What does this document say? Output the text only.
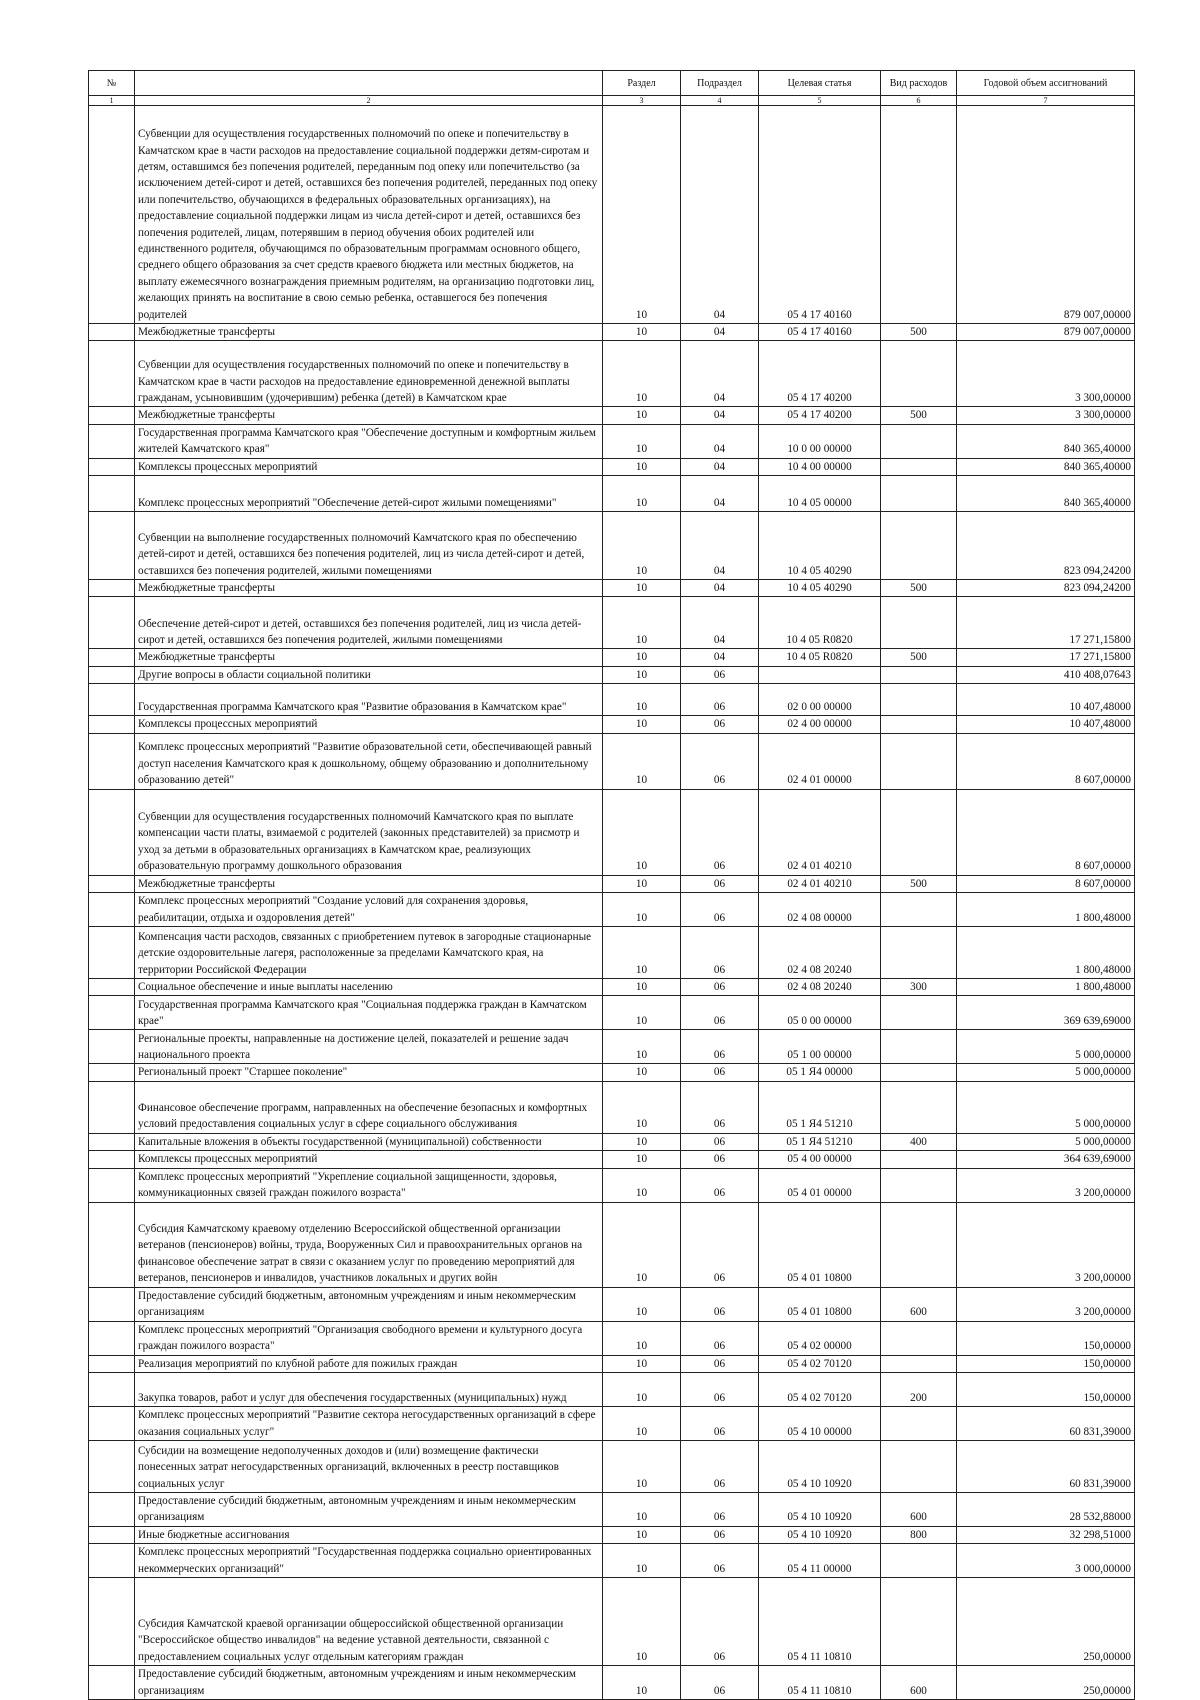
№		Раздел	Подраздел	Целевая статья	Вид расходов	Годовой объем ассигнований
1	2	3	4	5	6	7
	Субвенции для осуществления государственных полномочий по опеке и попечительству в Камчатском крае в части расходов на предоставление социальной поддержки детям-сиротам и детям, оставшимся без попечения родителей, переданным под опеку или попечительство (за исключением детей-сирот и детей, оставшихся без попечения родителей, переданных под опеку или попечительство, обучающихся в федеральных образовательных организациях), на предоставление социальной поддержки лицам из числа детей-сирот и детей, оставшихся без попечения родителей, лицам, потерявшим в период обучения обоих родителей или единственного родителя, обучающимся по образовательным программам основного общего, среднего общего образования за счет средств краевого бюджета или местных бюджетов, на выплату ежемесячного вознаграждения приемным родителям, на организацию подготовки лиц, желающих принять на воспитание в свою семью ребенка, оставшегося без попечения родителей	10	04	05 4 17 40160		879 007,00000
	Межбюджетные трансферты	10	04	05 4 17 40160	500	879 007,00000
	Субвенции для осуществления государственных полномочий по опеке и попечительству в Камчатском крае в части расходов на предоставление единовременной денежной выплаты гражданам, усыновившим (удочерившим) ребенка (детей) в Камчатском крае	10	04	05 4 17 40200		3 300,00000
	Межбюджетные трансферты	10	04	05 4 17 40200	500	3 300,00000
	Государственная программа Камчатского края "Обеспечение доступным и комфортным жильем жителей Камчатского края"	10	04	10 0 00 00000		840 365,40000
	Комплексы процессных мероприятий	10	04	10 4 00 00000		840 365,40000
	Комплекс процессных мероприятий "Обеспечение детей-сирот жилыми помещениями"	10	04	10 4 05 00000		840 365,40000
	Субвенции на выполнение государственных полномочий Камчатского края по обеспечению детей-сирот и детей, оставшихся без попечения родителей, лиц из числа детей-сирот и детей, оставшихся без попечения родителей, жилыми помещениями	10	04	10 4 05 40290		823 094,24200
	Межбюджетные трансферты	10	04	10 4 05 40290	500	823 094,24200
	Обеспечение детей-сирот и детей, оставшихся без попечения родителей, лиц из числа детей-сирот и детей, оставшихся без попечения родителей, жилыми помещениями	10	04	10 4 05 R0820		17 271,15800
	Межбюджетные трансферты	10	04	10 4 05 R0820	500	17 271,15800
	Другие вопросы в области социальной политики	10	06			410 408,07643
	Государственная программа Камчатского края "Развитие образования в Камчатском крае"	10	06	02 0 00 00000		10 407,48000
	Комплексы процессных мероприятий	10	06	02 4 00 00000		10 407,48000
	Комплекс процессных мероприятий "Развитие образовательной сети, обеспечивающей равный доступ населения Камчатского края к дошкольному, общему образованию и дополнительному образованию детей"	10	06	02 4 01 00000		8 607,00000
	Субвенции для осуществления государственных полномочий Камчатского края по выплате компенсации части платы, взимаемой с родителей (законных представителей) за присмотр и уход за детьми в образовательных организациях в Камчатском крае, реализующих образовательную программу дошкольного образования	10	06	02 4 01 40210		8 607,00000
	Межбюджетные трансферты	10	06	02 4 01 40210	500	8 607,00000
	Комплекс процессных мероприятий "Создание условий для сохранения здоровья, реабилитации, отдыха и оздоровления детей"	10	06	02 4 08 00000		1 800,48000
	Компенсация части расходов, связанных с приобретением путевок в загородные стационарные детские оздоровительные лагеря, расположенные за пределами Камчатского края, на территории Российской Федерации	10	06	02 4 08 20240		1 800,48000
	Социальное обеспечение и иные выплаты населению	10	06	02 4 08 20240	300	1 800,48000
	Государственная программа Камчатского края "Социальная поддержка граждан в Камчатском крае"	10	06	05 0 00 00000		369 639,69000
	Региональные проекты, направленные на достижение целей, показателей и решение задач национального проекта	10	06	05 1 00 00000		5 000,00000
	Региональный проект "Старшее поколение"	10	06	05 1 Я4 00000		5 000,00000
	Финансовое обеспечение программ, направленных на обеспечение безопасных и комфортных условий предоставления социальных услуг в сфере социального обслуживания	10	06	05 1 Я4 51210		5 000,00000
	Капитальные вложения в объекты государственной (муниципальной) собственности	10	06	05 1 Я4 51210	400	5 000,00000
	Комплексы процессных мероприятий	10	06	05 4 00 00000		364 639,69000
	Комплекс процессных мероприятий "Укрепление социальной защищенности, здоровья, коммуникационных связей граждан пожилого возраста"	10	06	05 4 01 00000		3 200,00000
	Субсидия Камчатскому краевому отделению Всероссийской общественной организации ветеранов (пенсионеров) войны, труда, Вооруженных Сил и правоохранительных органов на финансовое обеспечение затрат в связи с оказанием услуг по проведению мероприятий для ветеранов, пенсионеров и инвалидов, участников локальных и других войн	10	06	05 4 01 10800		3 200,00000
	Предоставление субсидий бюджетным, автономным учреждениям и иным некоммерческим организациям	10	06	05 4 01 10800	600	3 200,00000
	Комплекс процессных мероприятий "Организация свободного времени и культурного досуга граждан пожилого возраста"	10	06	05 4 02 00000		150,00000
	Реализация мероприятий по клубной работе для пожилых граждан	10	06	05 4 02 70120		150,00000
	Закупка товаров, работ и услуг для обеспечения государственных (муниципальных) нужд	10	06	05 4 02 70120	200	150,00000
	Комплекс процессных мероприятий "Развитие сектора негосударственных организаций в сфере оказания социальных услуг"	10	06	05 4 10 00000		60 831,39000
	Субсидии на возмещение недополученных доходов и (или) возмещение фактически понесенных затрат негосударственных организаций, включенных в реестр поставщиков социальных услуг	10	06	05 4 10 10920		60 831,39000
	Предоставление субсидий бюджетным, автономным учреждениям и иным некоммерческим организациям	10	06	05 4 10 10920	600	28 532,88000
	Иные бюджетные ассигнования	10	06	05 4 10 10920	800	32 298,51000
	Комплекс процессных мероприятий "Государственная поддержка социально ориентированных некоммерческих организаций"	10	06	05 4 11 00000		3 000,00000
	Субсидия Камчатской краевой организации общероссийской общественной организации "Всероссийское общество инвалидов" на ведение уставной деятельности, связанной с предоставлением социальных услуг отдельным категориям граждан	10	06	05 4 11 10810		250,00000
	Предоставление субсидий бюджетным, автономным учреждениям и иным некоммерческим организациям	10	06	05 4 11 10810	600	250,00000
